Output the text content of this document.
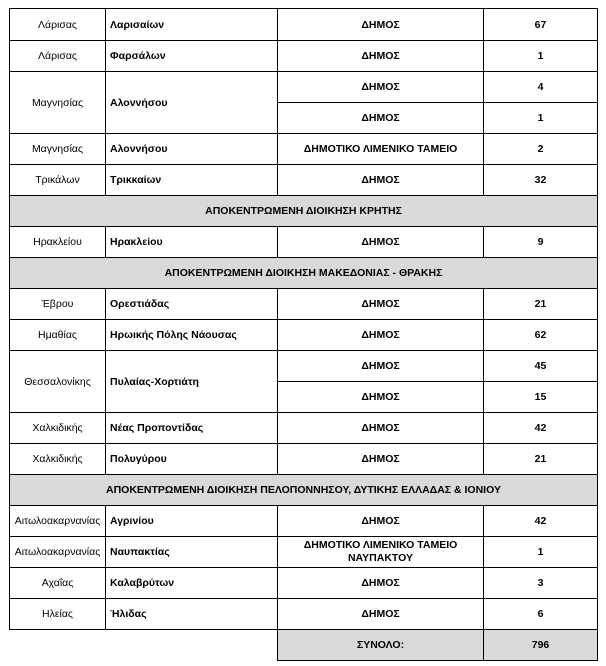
Λάρισας	Λαρισαίων	ΔΗΜΟΣ	67
Λάρισας	Φαρσάλων	ΔΗΜΟΣ	1
Μαγνησίας	Αλοννήσου	ΔΗΜΟΣ	4
		ΔΗΜΟΣ	1
Μαγνησίας	Αλοννήσου	ΔΗΜΟΤΙΚΟ ΛΙΜΕΝΙΚΟ ΤΑΜΕΙΟ	2
Τρικάλων	Τρικκαίων	ΔΗΜΟΣ	32
ΑΠΟΚΕΝΤΡΩΜΕΝΗ ΔΙΟΙΚΗΣΗ ΚΡΗΤΗΣ			
Ηρακλείου	Ηρακλείου	ΔΗΜΟΣ	9
ΑΠΟΚΕΝΤΡΩΜΕΝΗ ΔΙΟΙΚΗΣΗ ΜΑΚΕΔΟΝΙΑΣ - ΘΡΑΚΗΣ			
Έβρου	Ορεστιάδας	ΔΗΜΟΣ	21
Ημαθίας	Ηρωικής Πόλης Νάουσας	ΔΗΜΟΣ	62
Θεσσαλονίκης	Πυλαίας-Χορτιάτη	ΔΗΜΟΣ	45
		ΔΗΜΟΣ	15
Χαλκιδικής	Νέας Προποντίδας	ΔΗΜΟΣ	42
Χαλκιδικής	Πολυγύρου	ΔΗΜΟΣ	21
ΑΠΟΚΕΝΤΡΩΜΕΝΗ ΔΙΟΙΚΗΣΗ ΠΕΛΟΠΟΝΝΗΣΟΥ, ΔΥΤΙΚΗΣ ΕΛΛΑΔΑΣ & ΙΟΝΙΟΥ			
Αιτωλοακαρνανίας	Αγρινίου	ΔΗΜΟΣ	42
Αιτωλοακαρνανίας	Ναυπακτίας	ΔΗΜΟΤΙΚΟ ΛΙΜΕΝΙΚΟ ΤΑΜΕΙΟ ΝΑΥΠΑΚΤΟΥ	1
Αχαΐας	Καλαβρύτων	ΔΗΜΟΣ	3
Ηλείας	Ήλιδας	ΔΗΜΟΣ	6
		ΣΥΝΟΛΟ:	796
